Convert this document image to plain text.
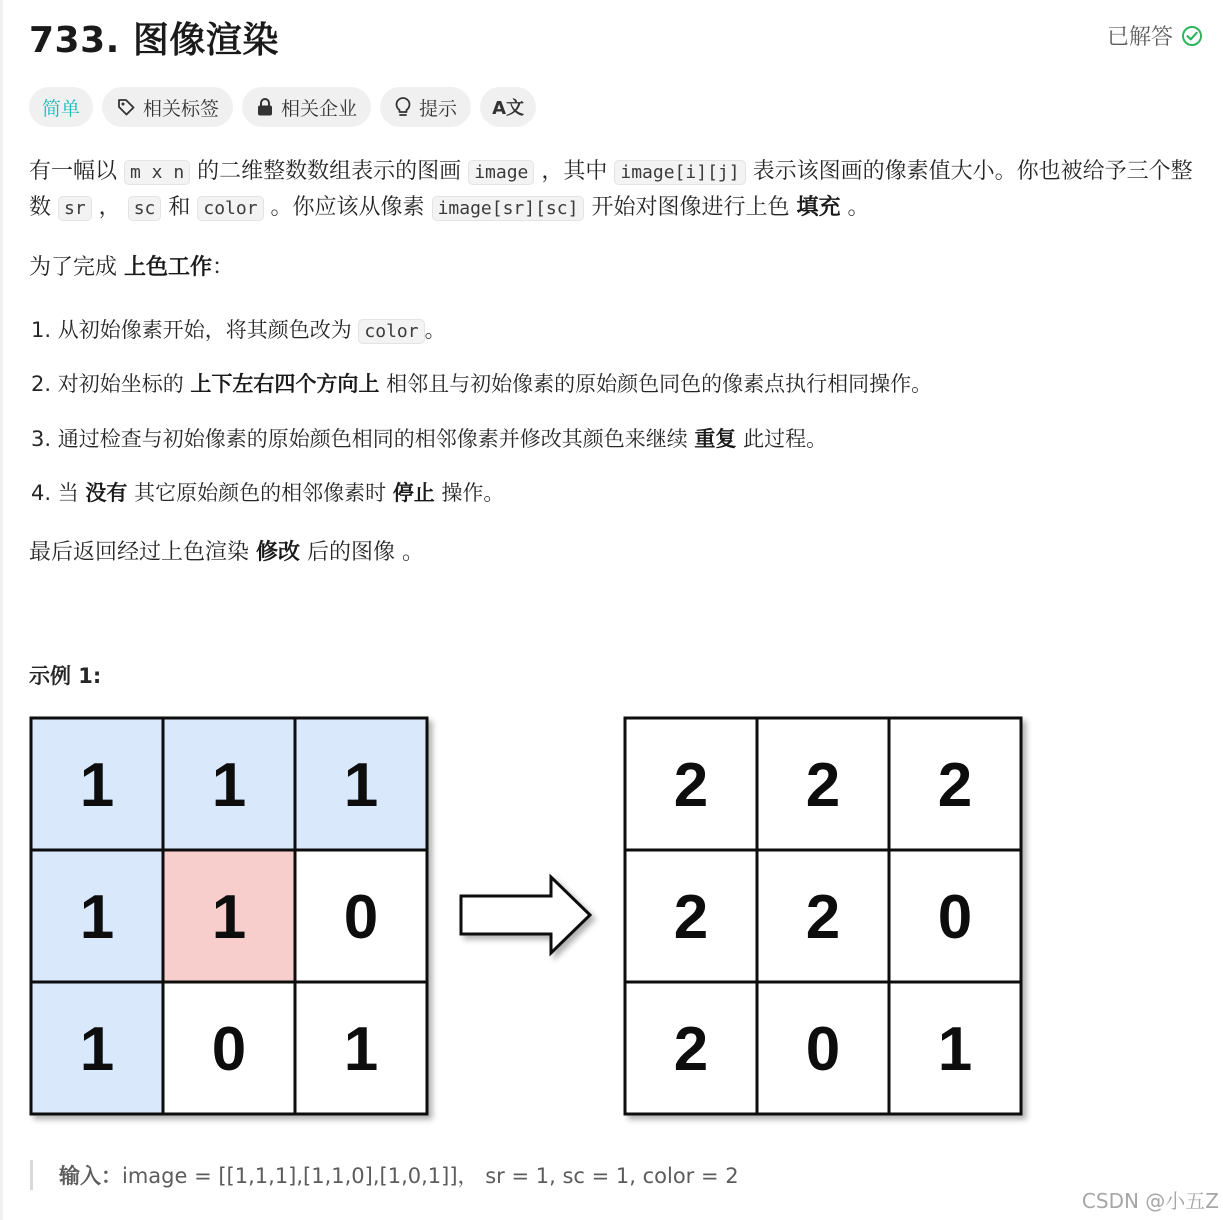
733. 图像渲染	已解答
简单	相关标签	相关企业	提示 A文

有一幅以 m x n 的二维整数数组表示的图画 image ，其中 image[i][j] 表示该图画的像素值大小。你也被给予三个整数 sr ， sc 和 color 。你应该从像素 image[sr][sc] 开始对图像进行上色 填充 。

为了完成 上色工作：

1. 从初始像素开始，将其颜色改为 color 。

2. 对初始坐标的 上下左右四个方向上 相邻且与初始像素的原始颜色同色的像素点执行相同操作。

3. 通过检查与初始像素的原始颜色相同的相邻像素并修改其颜色来继续 重复 此过程。

4. 当 没有 其它原始颜色的相邻像素时 停止 操作。

最后返回经过上色渲染 修改 后的图像 。

示例 1:

1 1 1
1 1 0
1 0 1
2 2 2
2 2 0
2 0 1
输入：image = [[1,1,1],[1,1,0],[1,0,1]]， sr = 1, sc = 1, color = 2
CSDN @小五Z
